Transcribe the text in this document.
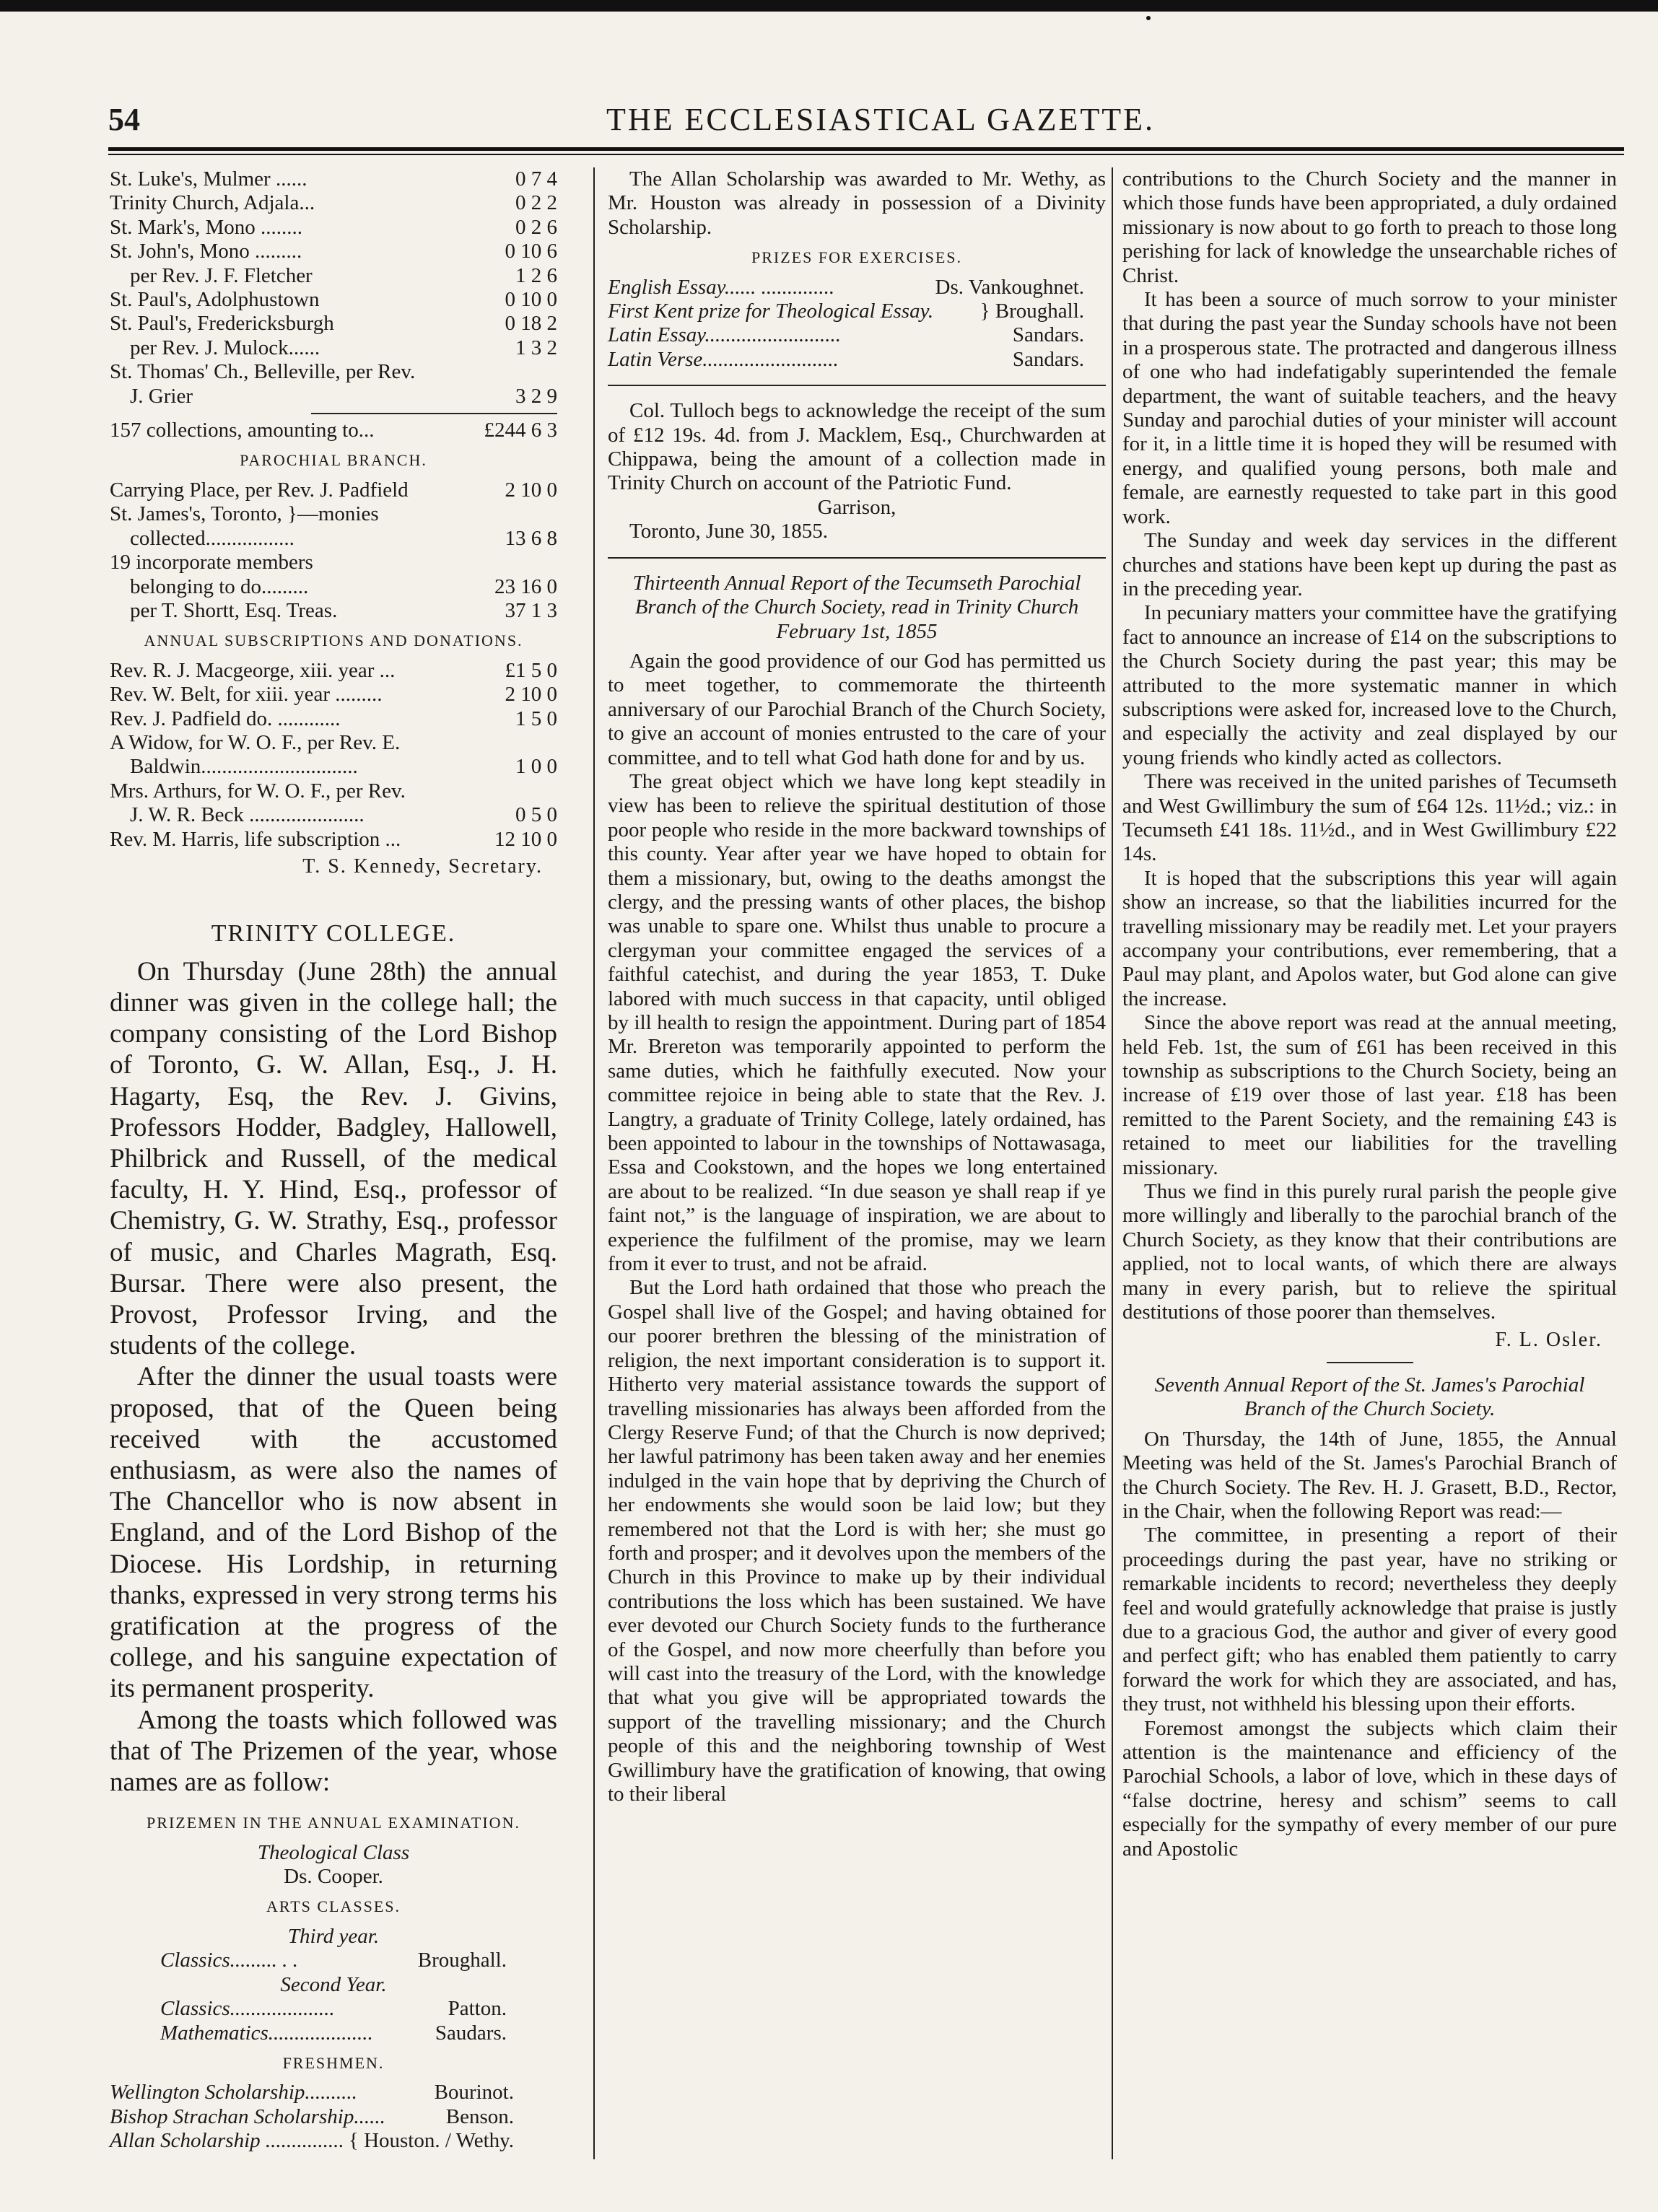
54	THE ECCLESIASTICAL GAZETTE.
St. Luke's, Mulmer ......	0 7 4
Trinity Church, Adjala...	0 2 2
St. Mark's, Mono ........	0 2 6
St. John's, Mono .........	0 10 6
per Rev. J. F. Fletcher	1 2 6
St. Paul's, Adolphustown	0 10 0
St. Paul's, Fredericksburgh	0 18 2
per Rev. J. Mulock......	1 3 2
St. Thomas' Ch., Belleville, per Rev.
J. Grier	3 2 9
157 collections, amounting to...	£244 6 3
PAROCHIAL BRANCH.
Carrying Place, per Rev. J. Padfield	2 10 0
St. James's, Toronto, }—monies
collected.................	13 6 8
19 incorporate members
belonging to do.........	23 16 0
per T. Shortt, Esq. Treas.	37 1 3
ANNUAL SUBSCRIPTIONS AND DONATIONS.
Rev. R. J. Macgeorge, xiii. year ...	£1 5 0
Rev. W. Belt, for xiii. year .........	2 10 0
Rev. J. Padfield do. ............	1 5 0
A Widow, for W. O. F., per Rev. E.
Baldwin..............................	1 0 0
Mrs. Arthurs, for W. O. F., per Rev.
J. W. R. Beck ......................	0 5 0
Rev. M. Harris, life subscription ...	12 10 0
T. S. Kennedy, Secretary.
TRINITY COLLEGE.

On Thursday (June 28th) the annual dinner was given in the college hall; the company consisting of the Lord Bishop of Toronto, G. W. Allan, Esq., J. H. Hagarty, Esq, the Rev. J. Givins, Professors Hodder, Badgley, Hallowell, Philbrick and Russell, of the medical faculty, H. Y. Hind, Esq., professor of Chemistry, G. W. Strathy, Esq., professor of music, and Charles Magrath, Esq. Bursar. There were also present, the Provost, Professor Irving, and the students of the college.

After the dinner the usual toasts were proposed, that of the Queen being received with the accustomed enthusiasm, as were also the names of The Chancellor who is now absent in England, and of the Lord Bishop of the Diocese. His Lordship, in returning thanks, expressed in very strong terms his gratification at the progress of the college, and his sanguine expectation of its permanent prosperity.

Among the toasts which followed was that of The Prizemen of the year, whose names are as follow:

PRIZEMEN IN THE ANNUAL EXAMINATION.
Theological Class
Ds. Cooper.
ARTS CLASSES.
Third year.
Classics......... . .	Broughall.
Second Year.
Classics....................	Patton.
Mathematics....................	Saudars.
FRESHMEN.
Wellington Scholarship..........	Bourinot.
Bishop Strachan Scholarship......	Benson.
Allan Scholarship ............... { Houston. / Wethy.

The Allan Scholarship was awarded to Mr. Wethy, as Mr. Houston was already in possession of a Divinity Scholarship.

PRIZES FOR EXERCISES.
English Essay...... ..............	Ds. Vankoughnet.
First Kent prize for Theological Essay. } Broughall.
Latin Essay..........................	Sandars.
Latin Verse..........................	Sandars.

Col. Tulloch begs to acknowledge the receipt of the sum of £12 19s. 4d. from J. Macklem, Esq., Churchwarden at Chippawa, being the amount of a collection made in Trinity Church on account of the Patriotic Fund.

Garrison,
Toronto, June 30, 1855.
Thirteenth Annual Report of the Tecumseth Parochial Branch of the Church Society, read in Trinity Church February 1st, 1855

Again the good providence of our God has permitted us to meet together, to commemorate the thirteenth anniversary of our Parochial Branch of the Church Society, to give an account of monies entrusted to the care of your committee, and to tell what God hath done for and by us.

The great object which we have long kept steadily in view has been to relieve the spiritual destitution of those poor people who reside in the more backward townships of this county. Year after year we have hoped to obtain for them a missionary, but, owing to the deaths amongst the clergy, and the pressing wants of other places, the bishop was unable to spare one. Whilst thus unable to procure a clergyman your committee engaged the services of a faithful catechist, and during the year 1853, T. Duke labored with much success in that capacity, until obliged by ill health to resign the appointment. During part of 1854 Mr. Brereton was temporarily appointed to perform the same duties, which he faithfully executed. Now your committee rejoice in being able to state that the Rev. J. Langtry, a graduate of Trinity College, lately ordained, has been appointed to labour in the townships of Nottawasaga, Essa and Cookstown, and the hopes we long entertained are about to be realized. “In due season ye shall reap if ye faint not,” is the language of inspiration, we are about to experience the fulfilment of the promise, may we learn from it ever to trust, and not be afraid.

But the Lord hath ordained that those who preach the Gospel shall live of the Gospel; and having obtained for our poorer brethren the blessing of the ministration of religion, the next important consideration is to support it. Hitherto very material assistance towards the support of travelling missionaries has always been afforded from the Clergy Reserve Fund; of that the Church is now deprived; her lawful patrimony has been taken away and her enemies indulged in the vain hope that by depriving the Church of her endowments she would soon be laid low; but they remembered not that the Lord is with her; she must go forth and prosper; and it devolves upon the members of the Church in this Province to make up by their individual contributions the loss which has been sustained. We have ever devoted our Church Society funds to the furtherance of the Gospel, and now more cheerfully than before you will cast into the treasury of the Lord, with the knowledge that what you give will be appropriated towards the support of the travelling missionary; and the Church people of this and the neighboring township of West Gwillimbury have the gratification of knowing, that owing to their liberal

contributions to the Church Society and the manner in which those funds have been appropriated, a duly ordained missionary is now about to go forth to preach to those long perishing for lack of knowledge the unsearchable riches of Christ.

It has been a source of much sorrow to your minister that during the past year the Sunday schools have not been in a prosperous state. The protracted and dangerous illness of one who had indefatigably superintended the female department, the want of suitable teachers, and the heavy Sunday and parochial duties of your minister will account for it, in a little time it is hoped they will be resumed with energy, and qualified young persons, both male and female, are earnestly requested to take part in this good work.

The Sunday and week day services in the different churches and stations have been kept up during the past as in the preceding year.

In pecuniary matters your committee have the gratifying fact to announce an increase of £14 on the subscriptions to the Church Society during the past year; this may be attributed to the more systematic manner in which subscriptions were asked for, increased love to the Church, and especially the activity and zeal displayed by our young friends who kindly acted as collectors.

There was received in the united parishes of Tecumseth and West Gwillimbury the sum of £64 12s. 11½d.; viz.: in Tecumseth £41 18s. 11½d., and in West Gwillimbury £22 14s.

It is hoped that the subscriptions this year will again show an increase, so that the liabilities incurred for the travelling missionary may be readily met. Let your prayers accompany your contributions, ever remembering, that a Paul may plant, and Apolos water, but God alone can give the increase.

Since the above report was read at the annual meeting, held Feb. 1st, the sum of £61 has been received in this township as subscriptions to the Church Society, being an increase of £19 over those of last year. £18 has been remitted to the Parent Society, and the remaining £43 is retained to meet our liabilities for the travelling missionary.

Thus we find in this purely rural parish the people give more willingly and liberally to the parochial branch of the Church Society, as they know that their contributions are applied, not to local wants, of which there are always many in every parish, but to relieve the spiritual destitutions of those poorer than themselves.

F. L. Osler.
Seventh Annual Report of the St. James's Parochial Branch of the Church Society.

On Thursday, the 14th of June, 1855, the Annual Meeting was held of the St. James's Parochial Branch of the Church Society. The Rev. H. J. Grasett, B.D., Rector, in the Chair, when the following Report was read:—

The committee, in presenting a report of their proceedings during the past year, have no striking or remarkable incidents to record; nevertheless they deeply feel and would gratefully acknowledge that praise is justly due to a gracious God, the author and giver of every good and perfect gift; who has enabled them patiently to carry forward the work for which they are associated, and has, they trust, not withheld his blessing upon their efforts.

Foremost amongst the subjects which claim their attention is the maintenance and efficiency of the Parochial Schools, a labor of love, which in these days of “false doctrine, heresy and schism” seems to call especially for the sympathy of every member of our pure and Apostolic
